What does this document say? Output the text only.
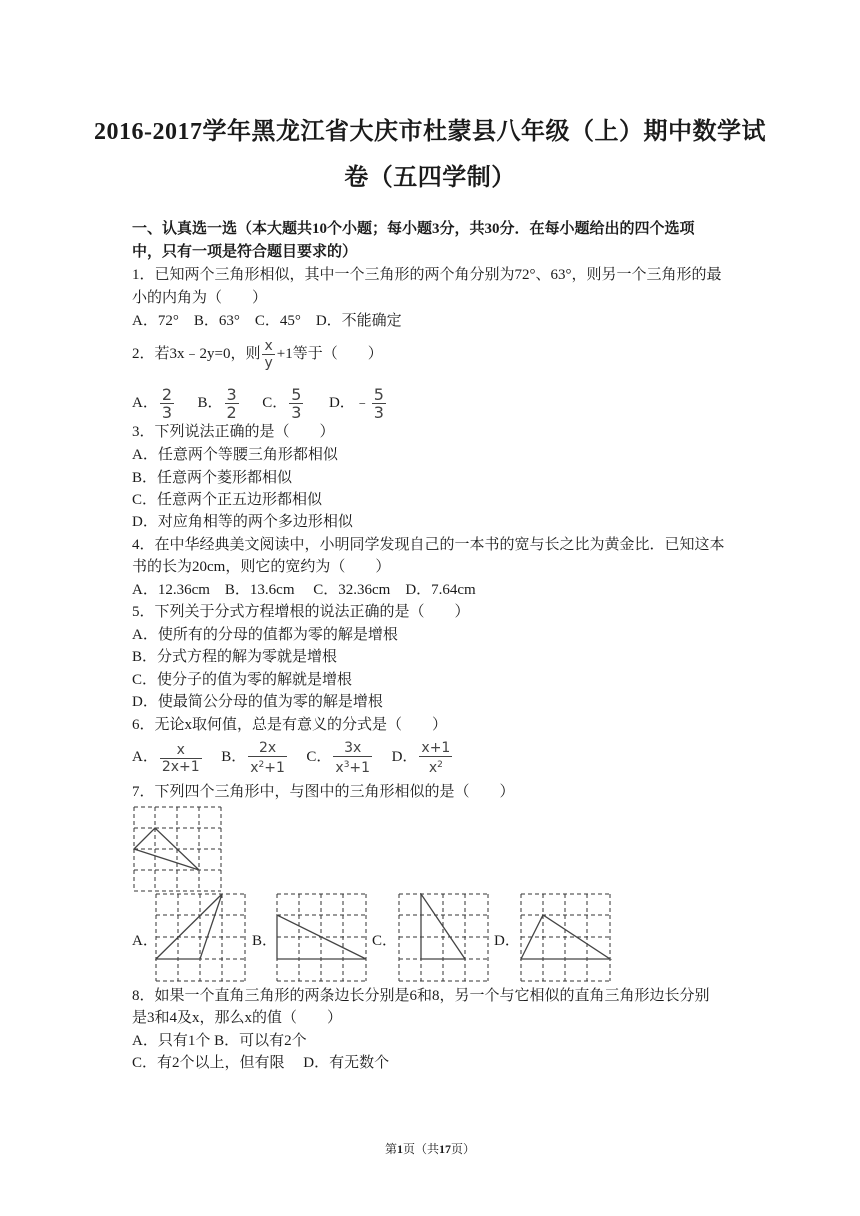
2016-2017学年黑龙江省大庆市杜蒙县八年级（上）期中数学试
卷（五四学制）
一、认真选一选（本大题共10个小题；每小题3分，共30分．在每小题给出的四个选项
中，只有一项是符合题目要求的）
1．已知两个三角形相似，其中一个三角形的两个角分别为72°、63°，则另一个三角形的最
小的内角为（　　）
A．72°　B．63°　C．45°　D．不能确定
2．若3x﹣2y=0，则 $\frac{x}{y} +1$等于（　　）
A． $\frac{2}{3}$ B． $\frac{3}{2}$ C． $\frac{5}{3}$ D．﹣ $\frac{5}{3}$
3．下列说法正确的是（　　）
A．任意两个等腰三角形都相似
B．任意两个菱形都相似
C．任意两个正五边形都相似
D．对应角相等的两个多边形相似
4．在中华经典美文阅读中，小明同学发现自己的一本书的宽与长之比为黄金比．已知这本
书的长为20cm，则它的宽约为（　　）
A．12.36cm　B．13.6cm　 C．32.36cm　D．7.64cm
5．下列关于分式方程增根的说法正确的是（　　）
A．使所有的分母的值都为零的解是增根
B．分式方程的解为零就是增根
C．使分子的值为零的解就是增根
D．使最简公分母的值为零的解是增根
6．无论x取何值，总是有意义的分式是（　　）
A． $\frac{x}{2x+1}$ B． $\frac{2x}{x^2+1}$ C． $\frac{3x}{x^3+1}$ D． $\frac{x+1}{x^2}$
7．下列四个三角形中，与图中的三角形相似的是（　　）
A．	B．	C．	D．
8．如果一个直角三角形的两条边长分别是6和8，另一个与它相似的直角三角形边长分别
是3和4及x，那么x的值（　　）
A．只有1个 B．可以有2个
C．有2个以上，但有限　 D．有无数个
第1页（共17页）
